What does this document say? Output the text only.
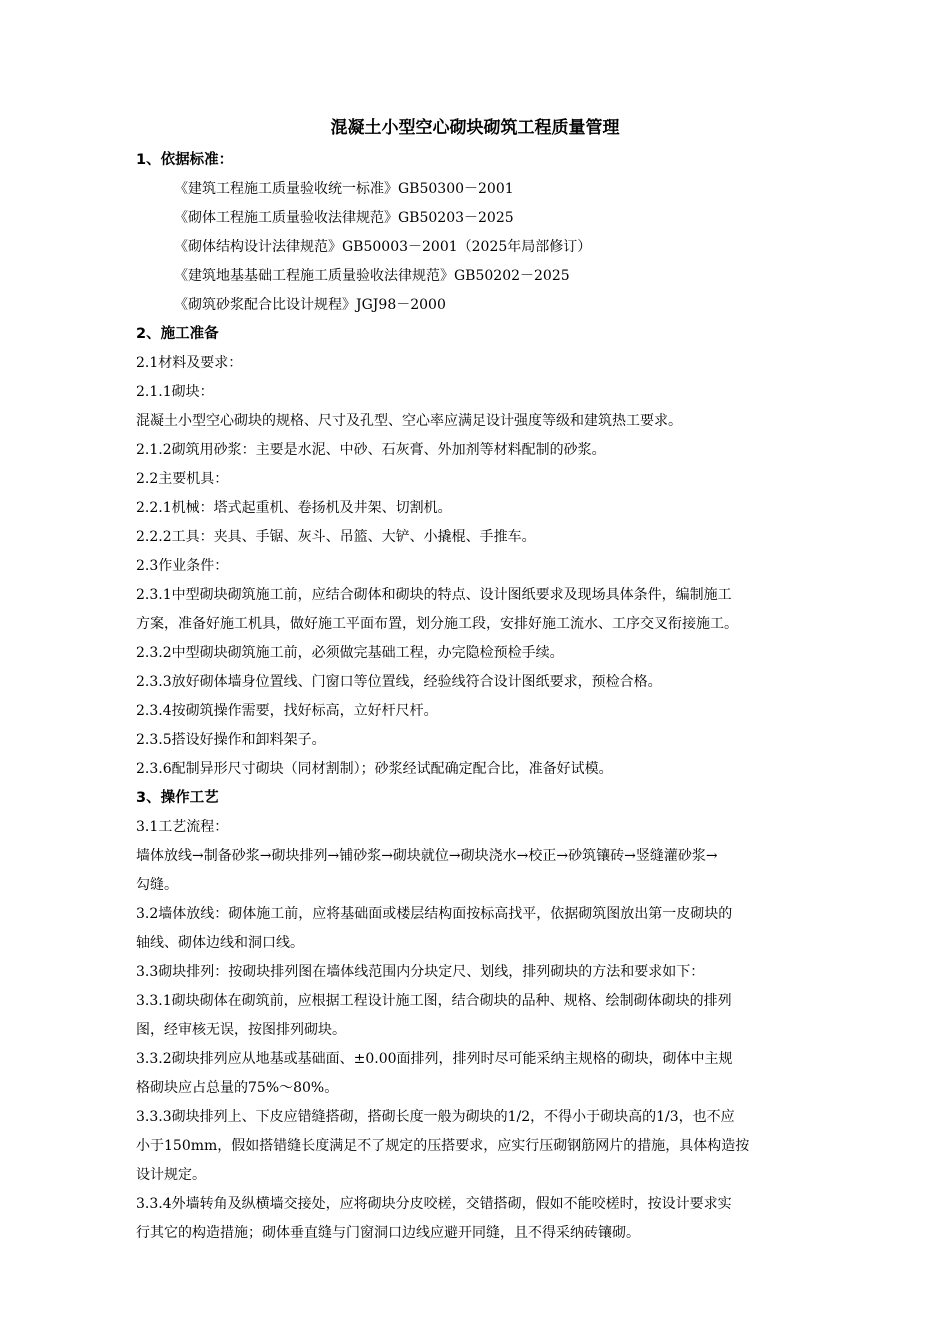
混凝土小型空心砌块砌筑工程质量管理

1、依据标准：

《建筑工程施工质量验收统一标准》GB50300－2001

《砌体工程施工质量验收法律规范》GB50203－2025

《砌体结构设计法律规范》GB50003－2001（2025年局部修订）

《建筑地基基础工程施工质量验收法律规范》GB50202－2025

《砌筑砂浆配合比设计规程》JGJ98－2000

2、施工准备

2.1材料及要求：

2.1.1砌块：

混凝土小型空心砌块的规格、尺寸及孔型、空心率应满足设计强度等级和建筑热工要求。

2.1.2砌筑用砂浆：主要是水泥、中砂、石灰膏、外加剂等材料配制的砂浆。

2.2主要机具：

2.2.1机械：塔式起重机、卷扬机及井架、切割机。

2.2.2工具：夹具、手锯、灰斗、吊篮、大铲、小撬棍、手推车。

2.3作业条件：

2.3.1中型砌块砌筑施工前，应结合砌体和砌块的特点、设计图纸要求及现场具体条件，编制施工

方案，准备好施工机具，做好施工平面布置，划分施工段，安排好施工流水、工序交叉衔接施工。

2.3.2中型砌块砌筑施工前，必须做完基础工程，办完隐检预检手续。

2.3.3放好砌体墙身位置线、门窗口等位置线，经验线符合设计图纸要求，预检合格。

2.3.4按砌筑操作需要，找好标高，立好杆尺杆。

2.3.5搭设好操作和卸料架子。

2.3.6配制异形尺寸砌块（同材割制）；砂浆经试配确定配合比，准备好试模。

3、操作工艺

3.1工艺流程：

墙体放线→制备砂浆→砌块排列→铺砂浆→砌块就位→砌块浇水→校正→砂筑镶砖→竖缝灌砂浆→

勾缝。

3.2墙体放线：砌体施工前，应将基础面或楼层结构面按标高找平，依据砌筑图放出第一皮砌块的

轴线、砌体边线和洞口线。

3.3砌块排列：按砌块排列图在墙体线范围内分块定尺、划线，排列砌块的方法和要求如下：

3.3.1砌块砌体在砌筑前，应根据工程设计施工图，结合砌块的品种、规格、绘制砌体砌块的排列

图，经审核无误，按图排列砌块。

3.3.2砌块排列应从地基或基础面、±0.00面排列，排列时尽可能采纳主规格的砌块，砌体中主规

格砌块应占总量的75%～80%。

3.3.3砌块排列上、下皮应错缝搭砌，搭砌长度一般为砌块的1/2，不得小于砌块高的1/3，也不应

小于150mm，假如搭错缝长度满足不了规定的压搭要求，应实行压砌钢筋网片的措施，具体构造按

设计规定。

3.3.4外墙转角及纵横墙交接处，应将砌块分皮咬槎，交错搭砌，假如不能咬槎时，按设计要求实

行其它的构造措施；砌体垂直缝与门窗洞口边线应避开同缝，且不得采纳砖镶砌。
